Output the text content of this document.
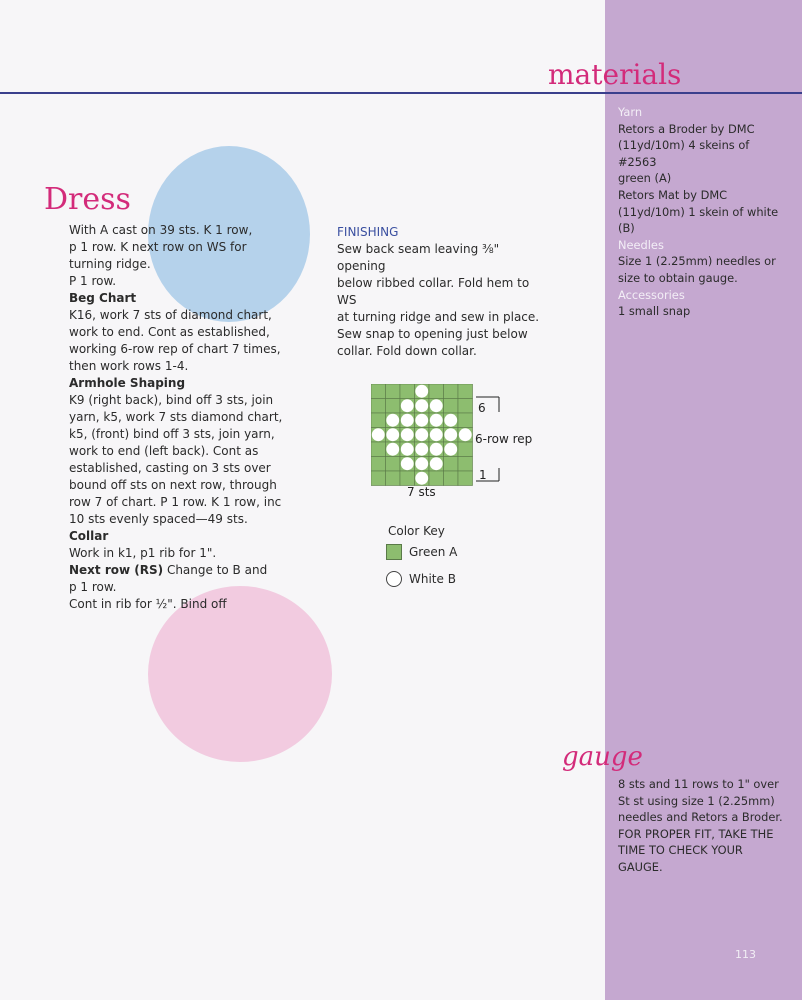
materials
Dress
gauge
With A cast on 39 sts. K 1 row,
p 1 row. K next row on WS for
turning ridge.
P 1 row.
Beg Chart
K16, work 7 sts of diamond chart,
work to end. Cont as established,
working 6-row rep of chart 7 times,
then work rows 1-4.
Armhole Shaping
K9 (right back), bind off 3 sts, join
yarn, k5, work 7 sts diamond chart,
k5, (front) bind off 3 sts, join yarn,
work to end (left back). Cont as
established, casting on 3 sts over
bound off sts on next row, through
row 7 of chart. P 1 row. K 1 row, inc
10 sts evenly spaced—49 sts.
Collar
Work in k1, p1 rib for 1".
Next row (RS) Change to B and
p 1 row.
Cont in rib for ½". Bind off
FINISHING
Sew back seam leaving ⅜" opening
below ribbed collar. Fold hem to WS
at turning ridge and sew in place.
Sew snap to opening just below
collar. Fold down collar.
6
6-row rep
1
7 sts
Color Key
Green A
White B
Yarn
Retors a Broder by DMC
(11yd/10m) 4 skeins of #2563
green (A)
Retors Mat by DMC
(11yd/10m) 1 skein of white
(B)
Needles
Size 1 (2.25mm) needles or
size to obtain gauge.
Accessories
1 small snap
8 sts and 11 rows to 1" over
St st using size 1 (2.25mm)
needles and Retors a Broder.
FOR PROPER FIT, TAKE THE
TIME TO CHECK YOUR GAUGE.
113
